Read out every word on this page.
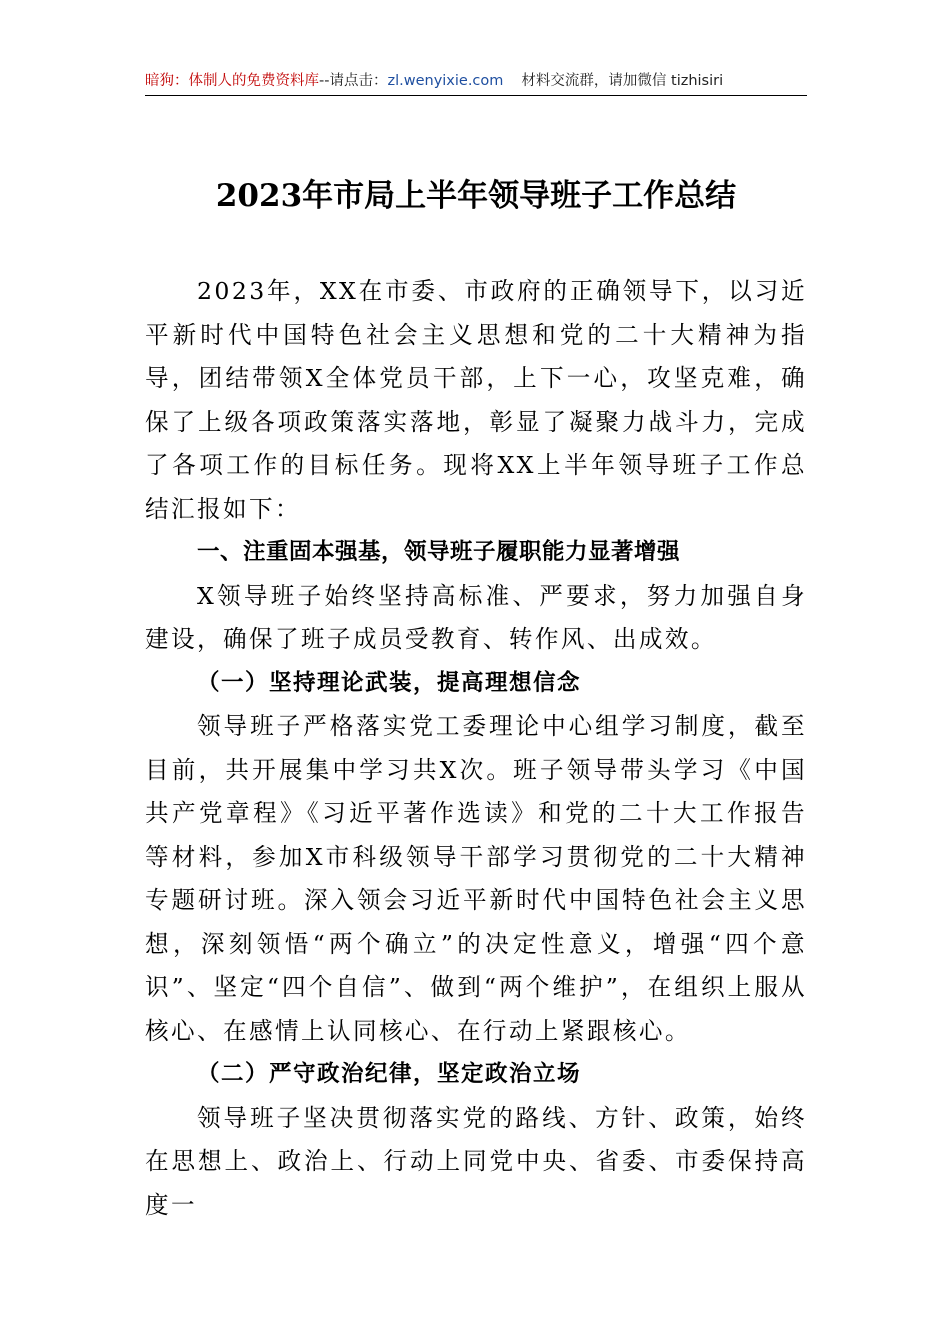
暗狗：体制人的免费资料库--请点击：zl.wenyixie.com 材料交流群，请加微信 tizhisiri
2023年市局上半年领导班子工作总结

2023年，XX在市委、市政府的正确领导下，以习近平新时代中国特色社会主义思想和党的二十大精神为指导，团结带领X全体党员干部，上下一心，攻坚克难，确保了上级各项政策落实落地，彰显了凝聚力战斗力，完成了各项工作的目标任务。现将XX上半年领导班子工作总结汇报如下：

一、注重固本强基，领导班子履职能力显著增强

X领导班子始终坚持高标准、严要求，努力加强自身建设，确保了班子成员受教育、转作风、出成效。

（一）坚持理论武装，提高理想信念

领导班子严格落实党工委理论中心组学习制度，截至目前，共开展集中学习共X次。班子领导带头学习《中国共产党章程》《习近平著作选读》和党的二十大工作报告等材料，参加X市科级领导干部学习贯彻党的二十大精神专题研讨班。深入领会习近平新时代中国特色社会主义思想，深刻领悟“两个确立”的决定性意义，增强“四个意识”、坚定“四个自信”、做到“两个维护”，在组织上服从核心、在感情上认同核心、在行动上紧跟核心。

（二）严守政治纪律，坚定政治立场

领导班子坚决贯彻落实党的路线、方针、政策，始终在思想上、政治上、行动上同党中央、省委、市委保持高度一
